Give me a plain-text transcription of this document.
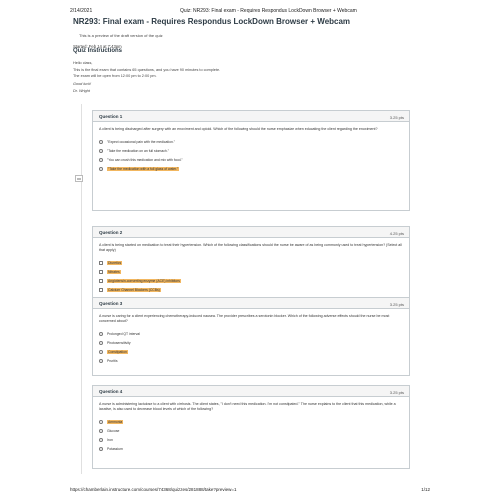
2/14/2021	Quiz: NR293: Final exam - Requires Respondus LockDown Browser + Webcam
NR293: Final exam - Requires Respondus LockDown Browser + Webcam
This is a preview of the draft version of the quiz
Started: Feb 14 at 7:43pm
Quiz Instructions
Hello class,
This is the final exam that contains 65 questions, and you have 90 minutes to complete.
The exam will be open from 12:00 pm to 2:00 pm.
Good luck!
Dr. Wright
Question 1	3.25 pts
A client is being discharged after surgery with an enoximent and opioid. Which of the following should the nurse emphasize when educating the client regarding the enoximent?
"Expect occasional pain with the medication."
"Take the medication on an full stomach."
"You can crush this medication and mix with food."
"Take the medication with a full glass of water."
Question 2	4.25 pts
A client is being started on medication to treat their hypertension. Which of the following classifications should the nurse be aware of as being commonly used to treat hypertension? (Select all that apply)
Diuretics
Nitrates
Angiotensin-converting enzyme (ACE) inhibitors
Calcium Channel Blockers (CCBs)
Question 3	3.25 pts
A nurse is caring for a client experiencing chemotherapy-induced nausea. The provider prescribes a serotonin blocker. Which of the following adverse effects should the nurse be most concerned about?
Prolonged QT interval
Photosensitivity
Constipation
Pruritis
Question 4	3.25 pts
A nurse is administering lactulose to a client with cirrhosis. The client states, "I don't need this medication. I'm not constipated." The nurse explains to the client that this medication, while a laxative, is also used to decrease blood levels of which of the following?
Ammonia
Glucose
Iron
Potassium
https://chamberlain.instructure.com/courses/74368/quizzes/281888/take?preview=1	1/12
